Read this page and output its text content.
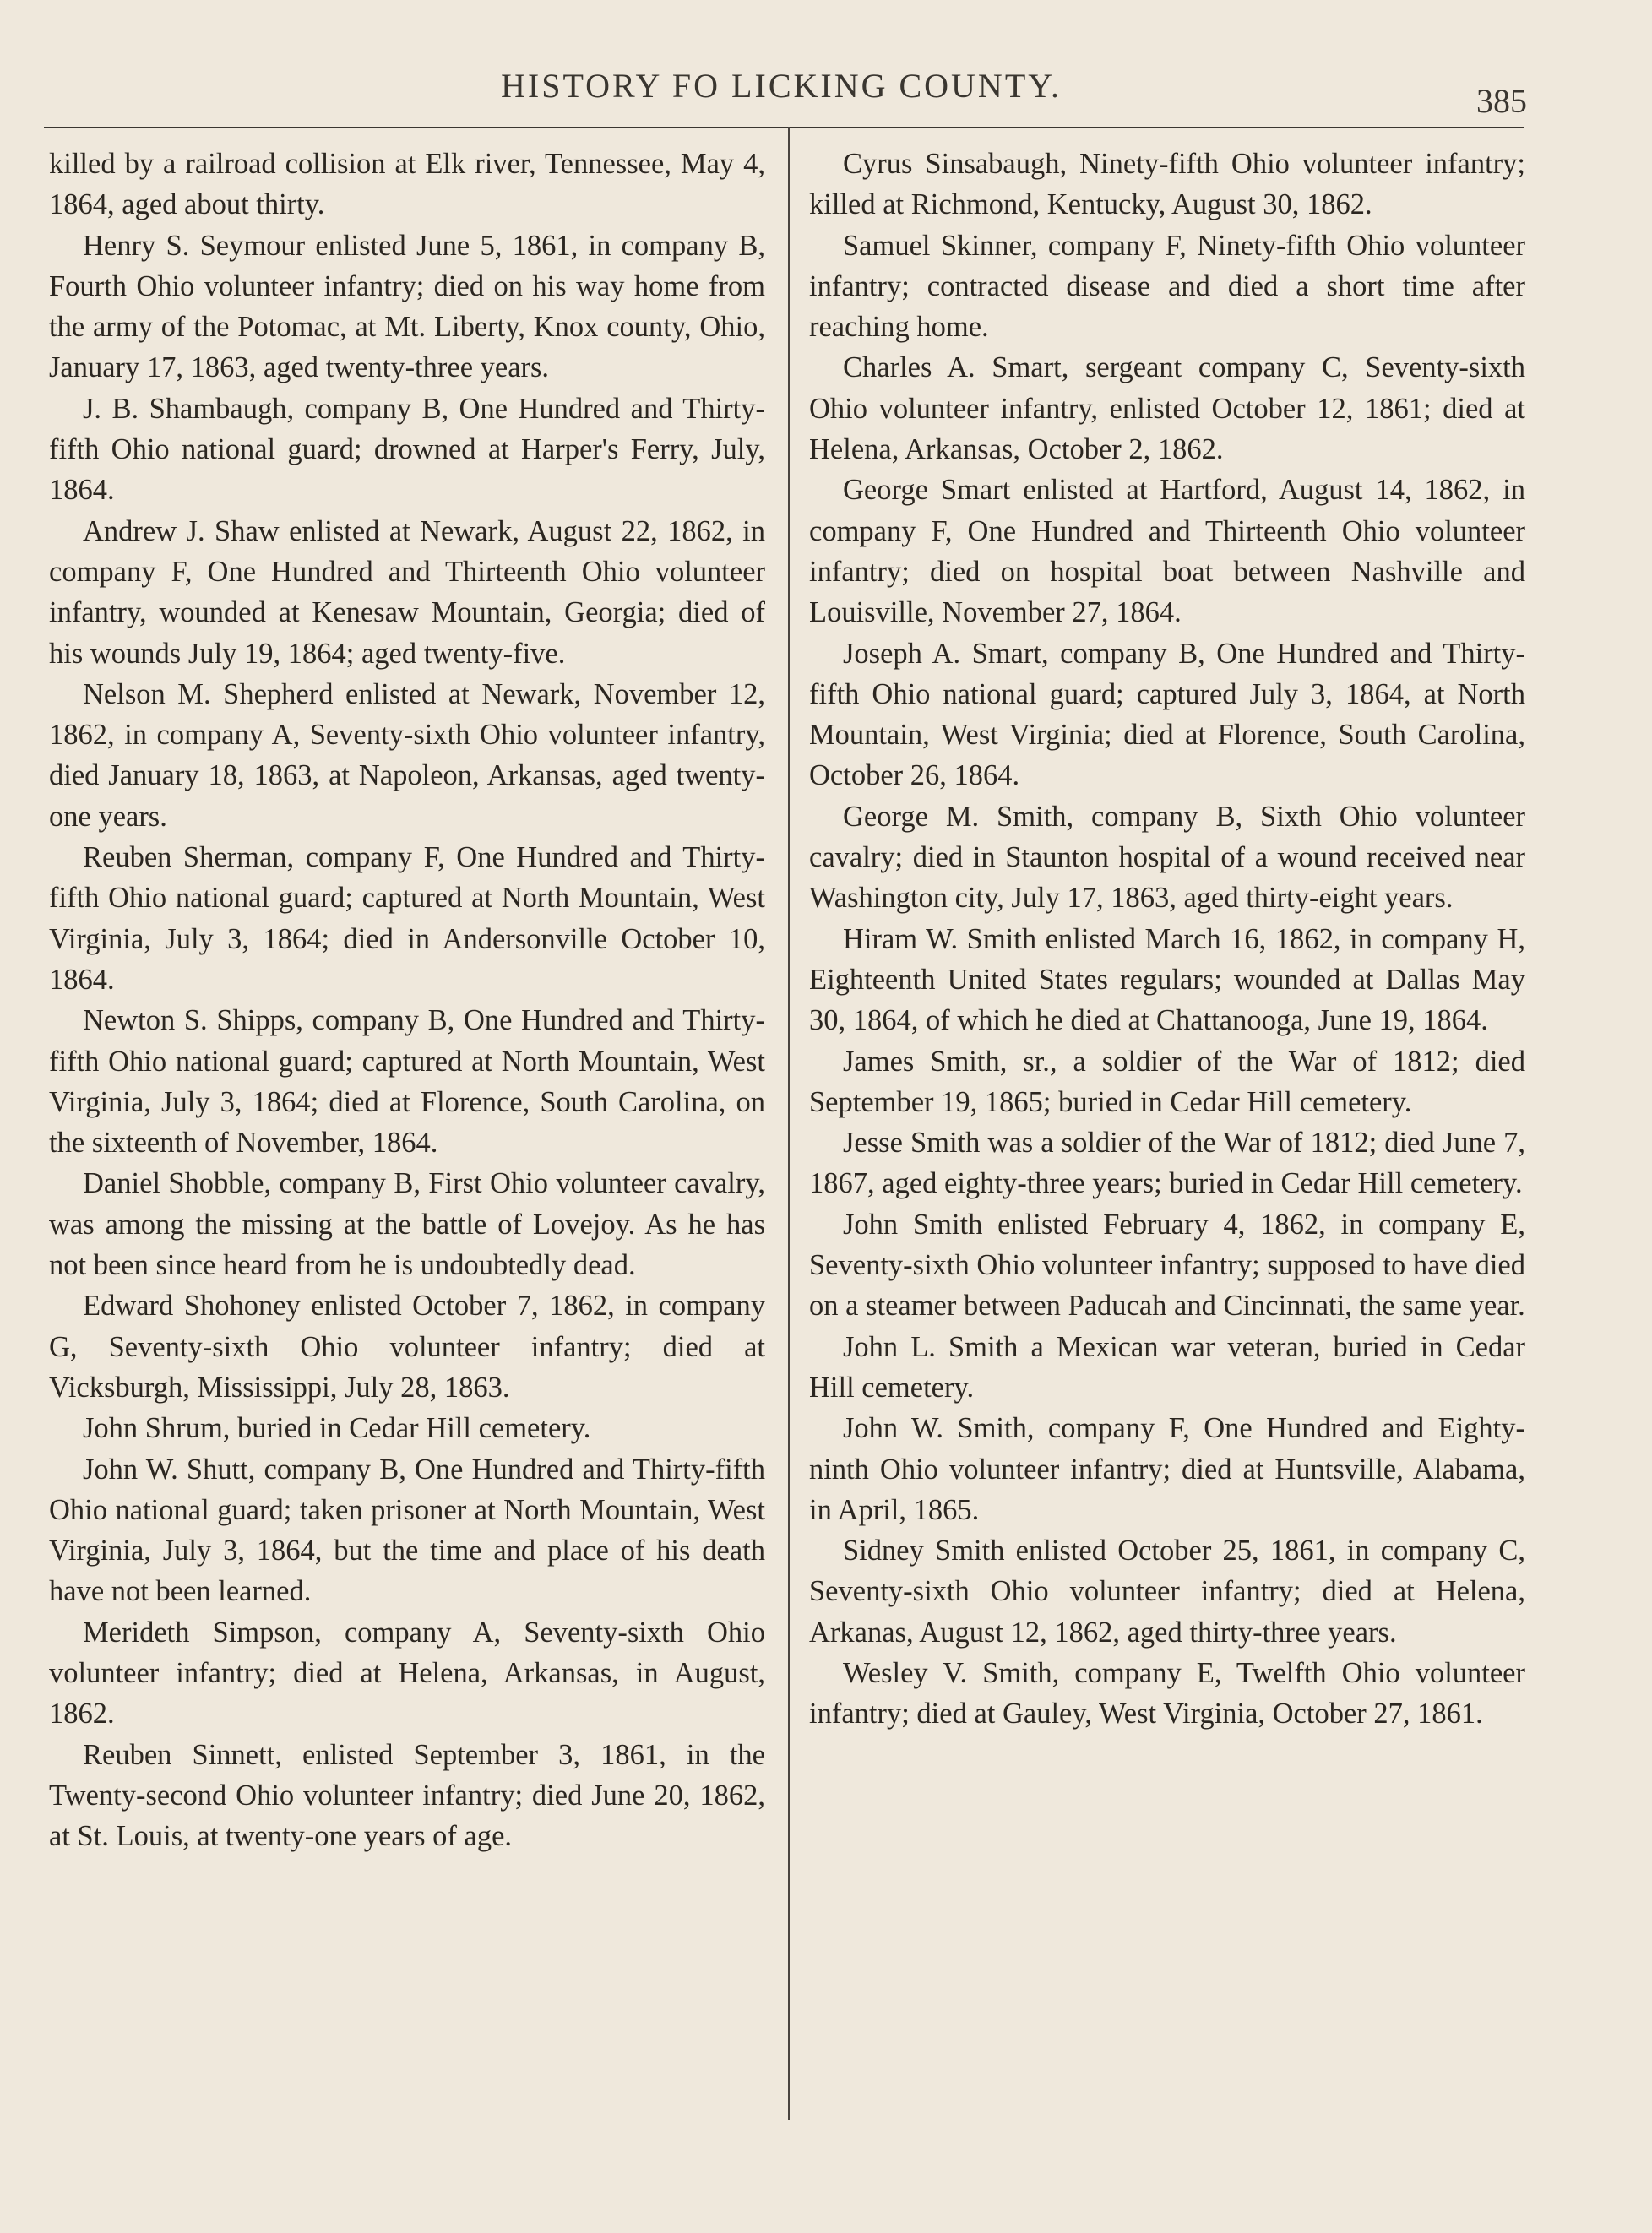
HISTORY FO LICKING COUNTY.	385

killed by a railroad collision at Elk river, Tennessee, May 4, 1864, aged about thirty.

Henry S. Seymour enlisted June 5, 1861, in company B, Fourth Ohio volunteer infantry; died on his way home from the army of the Potomac, at Mt. Liberty, Knox county, Ohio, January 17, 1863, aged twenty-three years.

J. B. Shambaugh, company B, One Hundred and Thirty-fifth Ohio national guard; drowned at Harper's Ferry, July, 1864.

Andrew J. Shaw enlisted at Newark, August 22, 1862, in company F, One Hundred and Thirteenth Ohio volunteer infantry, wounded at Kenesaw Mountain, Georgia; died of his wounds July 19, 1864; aged twenty-five.

Nelson M. Shepherd enlisted at Newark, November 12, 1862, in company A, Seventy-sixth Ohio volunteer infantry, died January 18, 1863, at Napoleon, Arkansas, aged twenty-one years.

Reuben Sherman, company F, One Hundred and Thirty-fifth Ohio national guard; captured at North Mountain, West Virginia, July 3, 1864; died in Andersonville October 10, 1864.

Newton S. Shipps, company B, One Hundred and Thirty-fifth Ohio national guard; captured at North Mountain, West Virginia, July 3, 1864; died at Florence, South Carolina, on the sixteenth of November, 1864.

Daniel Shobble, company B, First Ohio volunteer cavalry, was among the missing at the battle of Lovejoy. As he has not been since heard from he is undoubtedly dead.

Edward Shohoney enlisted October 7, 1862, in company G, Seventy-sixth Ohio volunteer infantry; died at Vicksburgh, Mississippi, July 28, 1863.

John Shrum, buried in Cedar Hill cemetery.

John W. Shutt, company B, One Hundred and Thirty-fifth Ohio national guard; taken prisoner at North Mountain, West Virginia, July 3, 1864, but the time and place of his death have not been learned.

Merideth Simpson, company A, Seventy-sixth Ohio volunteer infantry; died at Helena, Arkansas, in August, 1862.

Reuben Sinnett, enlisted September 3, 1861, in the Twenty-second Ohio volunteer infantry; died June 20, 1862, at St. Louis, at twenty-one years of age.

Cyrus Sinsabaugh, Ninety-fifth Ohio volunteer infantry; killed at Richmond, Kentucky, August 30, 1862.

Samuel Skinner, company F, Ninety-fifth Ohio volunteer infantry; contracted disease and died a short time after reaching home.

Charles A. Smart, sergeant company C, Seventy-sixth Ohio volunteer infantry, enlisted October 12, 1861; died at Helena, Arkansas, October 2, 1862.

George Smart enlisted at Hartford, August 14, 1862, in company F, One Hundred and Thirteenth Ohio volunteer infantry; died on hospital boat between Nashville and Louisville, November 27, 1864.

Joseph A. Smart, company B, One Hundred and Thirty-fifth Ohio national guard; captured July 3, 1864, at North Mountain, West Virginia; died at Florence, South Carolina, October 26, 1864.

George M. Smith, company B, Sixth Ohio volunteer cavalry; died in Staunton hospital of a wound received near Washington city, July 17, 1863, aged thirty-eight years.

Hiram W. Smith enlisted March 16, 1862, in company H, Eighteenth United States regulars; wounded at Dallas May 30, 1864, of which he died at Chattanooga, June 19, 1864.

James Smith, sr., a soldier of the War of 1812; died September 19, 1865; buried in Cedar Hill cemetery.

Jesse Smith was a soldier of the War of 1812; died June 7, 1867, aged eighty-three years; buried in Cedar Hill cemetery.

John Smith enlisted February 4, 1862, in company E, Seventy-sixth Ohio volunteer infantry; supposed to have died on a steamer between Paducah and Cincinnati, the same year.

John L. Smith a Mexican war veteran, buried in Cedar Hill cemetery.

John W. Smith, company F, One Hundred and Eighty-ninth Ohio volunteer infantry; died at Huntsville, Alabama, in April, 1865.

Sidney Smith enlisted October 25, 1861, in company C, Seventy-sixth Ohio volunteer infantry; died at Helena, Arkanas, August 12, 1862, aged thirty-three years.

Wesley V. Smith, company E, Twelfth Ohio volunteer infantry; died at Gauley, West Virginia, October 27, 1861.
